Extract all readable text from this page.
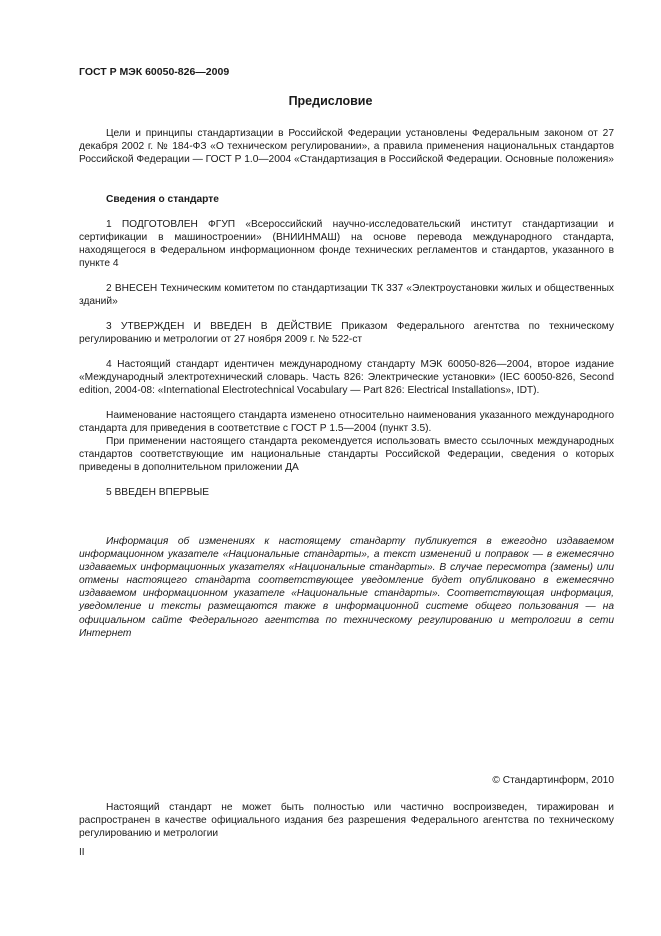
ГОСТ Р МЭК 60050-826—2009
Предисловие
Цели и принципы стандартизации в Российской Федерации установлены Федеральным законом от 27 декабря 2002 г. № 184-ФЗ «О техническом регулировании», а правила применения национальных стандартов Российской Федерации — ГОСТ Р 1.0—2004 «Стандартизация в Российской Федерации. Основные положения»
Сведения о стандарте
1 ПОДГОТОВЛЕН ФГУП «Всероссийский научно-исследовательский институт стандартизации и сертификации в машиностроении» (ВНИИНМАШ) на основе перевода международного стандарта, находящегося в Федеральном информационном фонде технических регламентов и стандартов, указанного в пункте 4
2 ВНЕСЕН Техническим комитетом по стандартизации ТК 337 «Электроустановки жилых и общественных зданий»
3 УТВЕРЖДЕН И ВВЕДЕН В ДЕЙСТВИЕ Приказом Федерального агентства по техническому регулированию и метрологии от 27 ноября 2009 г. № 522-ст
4 Настоящий стандарт идентичен международному стандарту МЭК 60050-826—2004, второе издание «Международный электротехнический словарь. Часть 826: Электрические установки» (IEC 60050-826, Second edition, 2004-08: «International Electrotechnical Vocabulary — Part 826: Electrical Installations», IDT).
Наименование настоящего стандарта изменено относительно наименования указанного международного стандарта для приведения в соответствие с ГОСТ Р 1.5—2004 (пункт 3.5).
При применении настоящего стандарта рекомендуется использовать вместо ссылочных международных стандартов соответствующие им национальные стандарты Российской Федерации, сведения о которых приведены в дополнительном приложении ДА
5 ВВЕДЕН ВПЕРВЫЕ
Информация об изменениях к настоящему стандарту публикуется в ежегодно издаваемом информационном указателе «Национальные стандарты», а текст изменений и поправок — в ежемесячно издаваемых информационных указателях «Национальные стандарты». В случае пересмотра (замены) или отмены настоящего стандарта соответствующее уведомление будет опубликовано в ежемесячно издаваемом информационном указателе «Национальные стандарты». Соответствующая информация, уведомление и тексты размещаются также в информационной системе общего пользования — на официальном сайте Федерального агентства по техническому регулированию и метрологии в сети Интернет
© Стандартинформ, 2010
Настоящий стандарт не может быть полностью или частично воспроизведен, тиражирован и распространен в качестве официального издания без разрешения Федерального агентства по техническому регулированию и метрологии
II
